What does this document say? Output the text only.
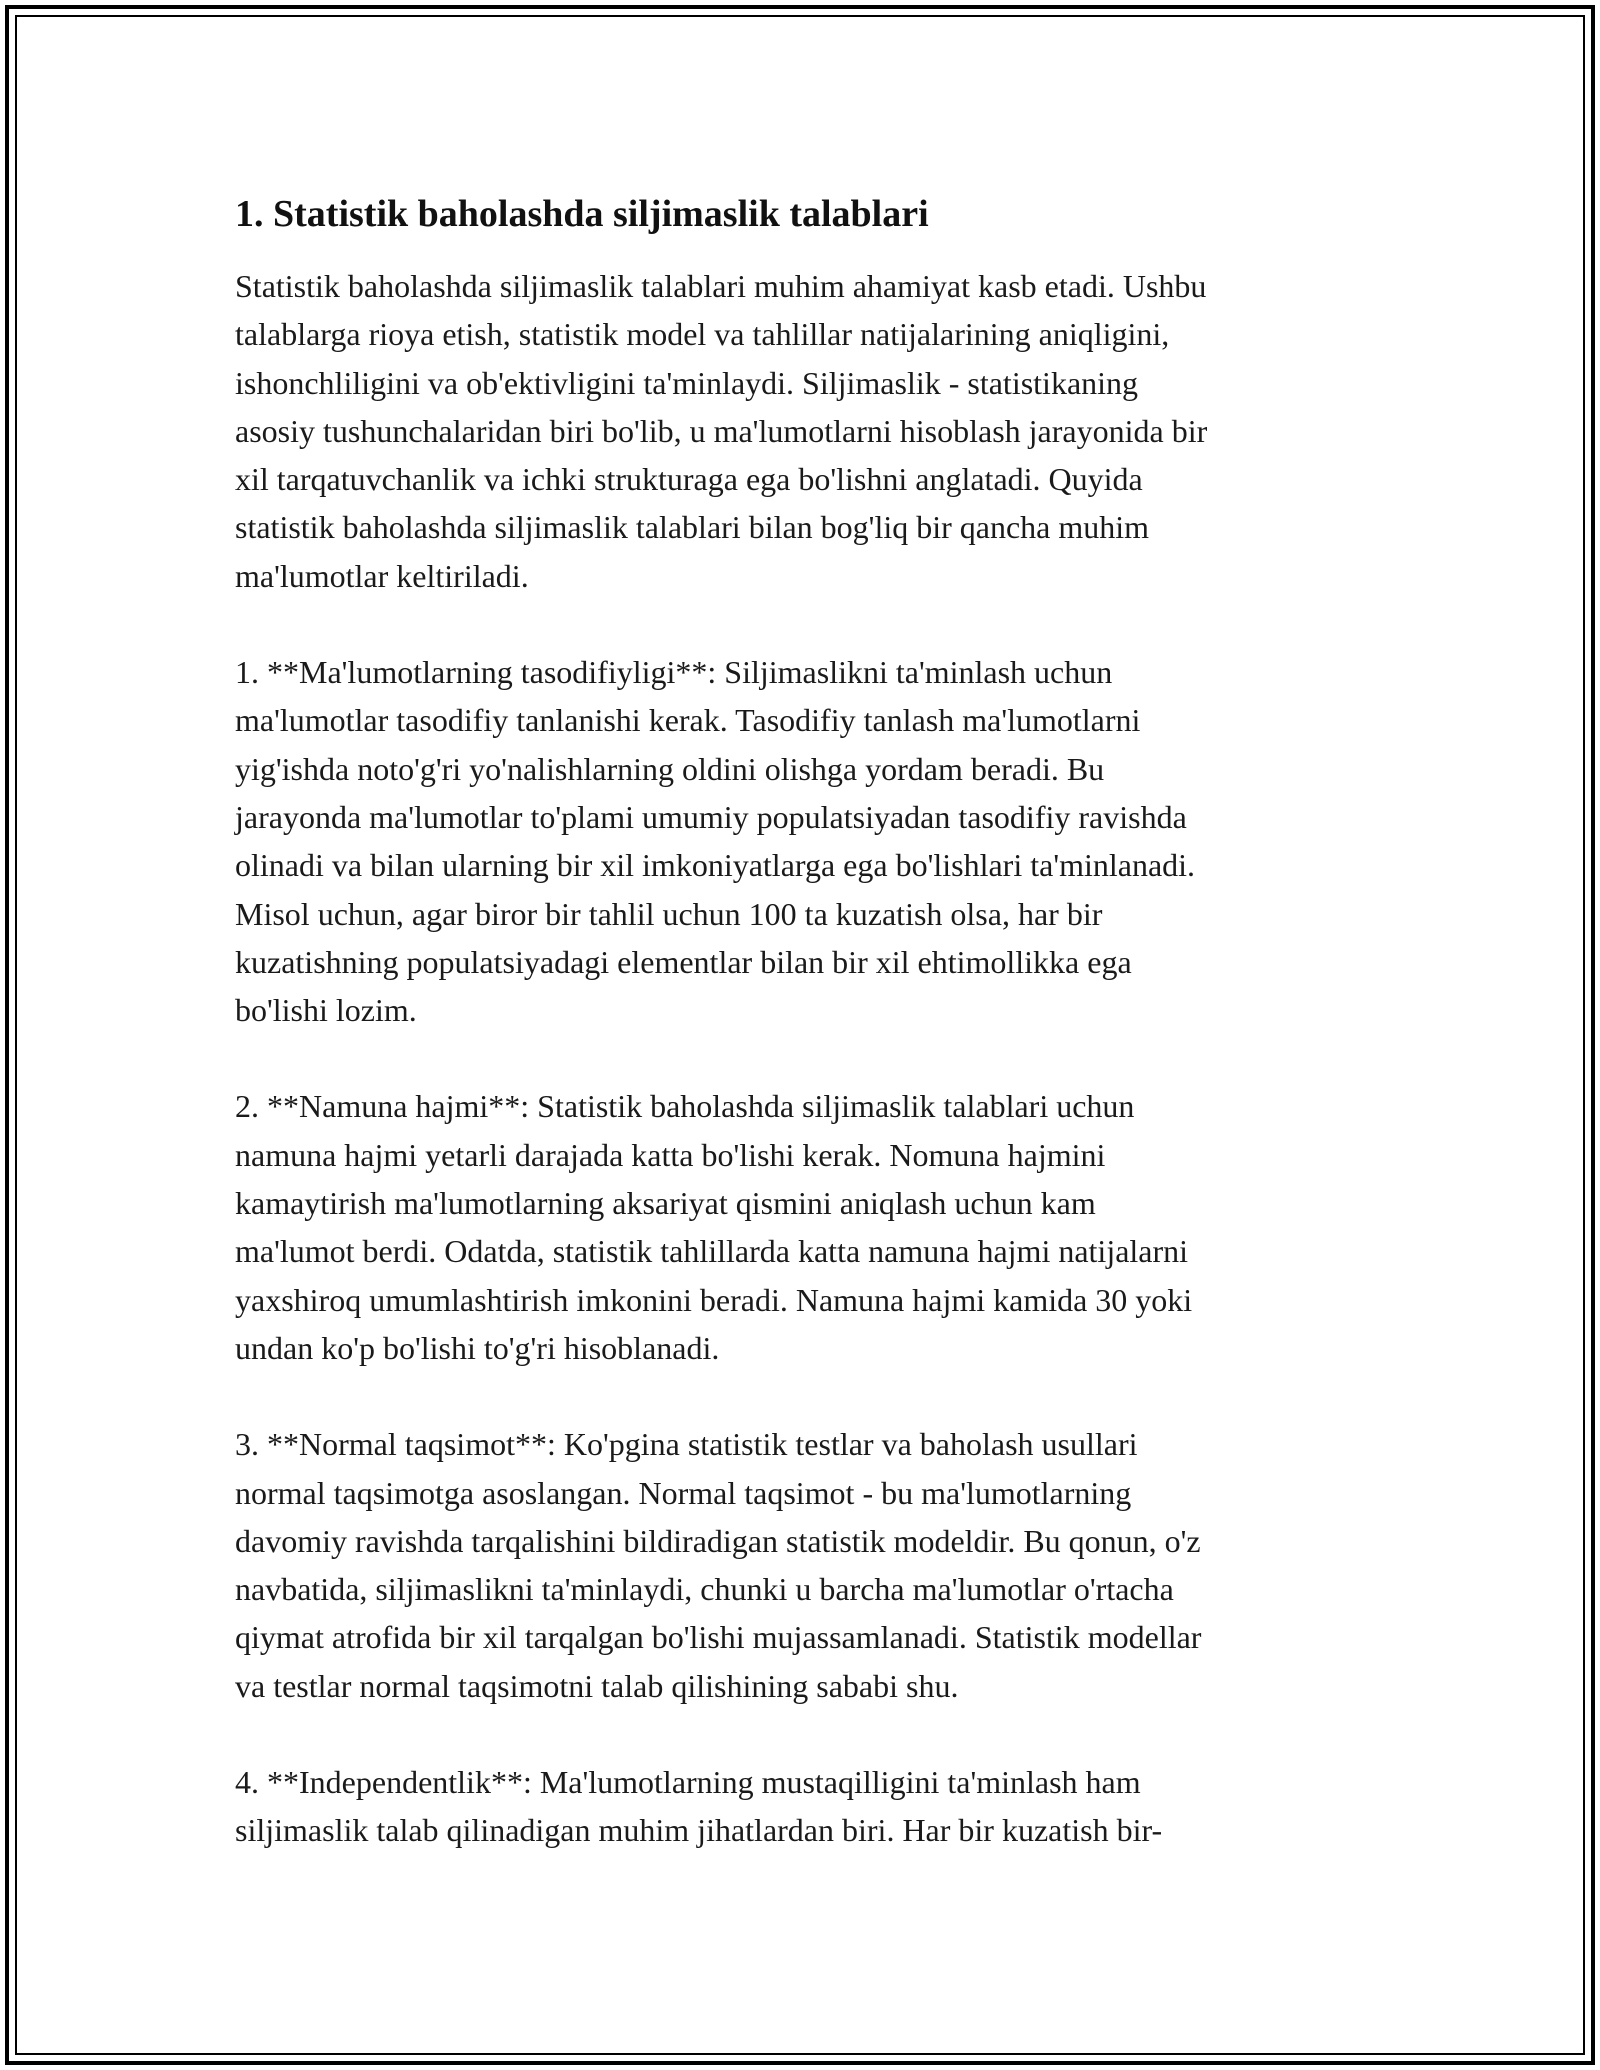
1. Statistik baholashda siljimaslik talablari

Statistik baholashda siljimaslik talablari muhim ahamiyat kasb etadi. Ushbu
talablarga rioya etish, statistik model va tahlillar natijalarining aniqligini,
ishonchliligini va ob'ektivligini ta'minlaydi. Siljimaslik - statistikaning
asosiy tushunchalaridan biri bo'lib, u ma'lumotlarni hisoblash jarayonida bir
xil tarqatuvchanlik va ichki strukturaga ega bo'lishni anglatadi. Quyida
statistik baholashda siljimaslik talablari bilan bog'liq bir qancha muhim
ma'lumotlar keltiriladi.

1. **Ma'lumotlarning tasodifiyligi**: Siljimaslikni ta'minlash uchun
ma'lumotlar tasodifiy tanlanishi kerak. Tasodifiy tanlash ma'lumotlarni
yig'ishda noto'g'ri yo'nalishlarning oldini olishga yordam beradi. Bu
jarayonda ma'lumotlar to'plami umumiy populatsiyadan tasodifiy ravishda
olinadi va bilan ularning bir xil imkoniyatlarga ega bo'lishlari ta'minlanadi.
Misol uchun, agar biror bir tahlil uchun 100 ta kuzatish olsa, har bir
kuzatishning populatsiyadagi elementlar bilan bir xil ehtimollikka ega
bo'lishi lozim.

2. **Namuna hajmi**: Statistik baholashda siljimaslik talablari uchun
namuna hajmi yetarli darajada katta bo'lishi kerak. Nomuna hajmini
kamaytirish ma'lumotlarning aksariyat qismini aniqlash uchun kam
ma'lumot berdi. Odatda, statistik tahlillarda katta namuna hajmi natijalarni
yaxshiroq umumlashtirish imkonini beradi. Namuna hajmi kamida 30 yoki
undan ko'p bo'lishi to'g'ri hisoblanadi.

3. **Normal taqsimot**: Ko'pgina statistik testlar va baholash usullari
normal taqsimotga asoslangan. Normal taqsimot - bu ma'lumotlarning
davomiy ravishda tarqalishini bildiradigan statistik modeldir. Bu qonun, o'z
navbatida, siljimaslikni ta'minlaydi, chunki u barcha ma'lumotlar o'rtacha
qiymat atrofida bir xil tarqalgan bo'lishi mujassamlanadi. Statistik modellar
va testlar normal taqsimotni talab qilishining sababi shu.

4. **Independentlik**: Ma'lumotlarning mustaqilligini ta'minlash ham
siljimaslik talab qilinadigan muhim jihatlardan biri. Har bir kuzatish bir-
